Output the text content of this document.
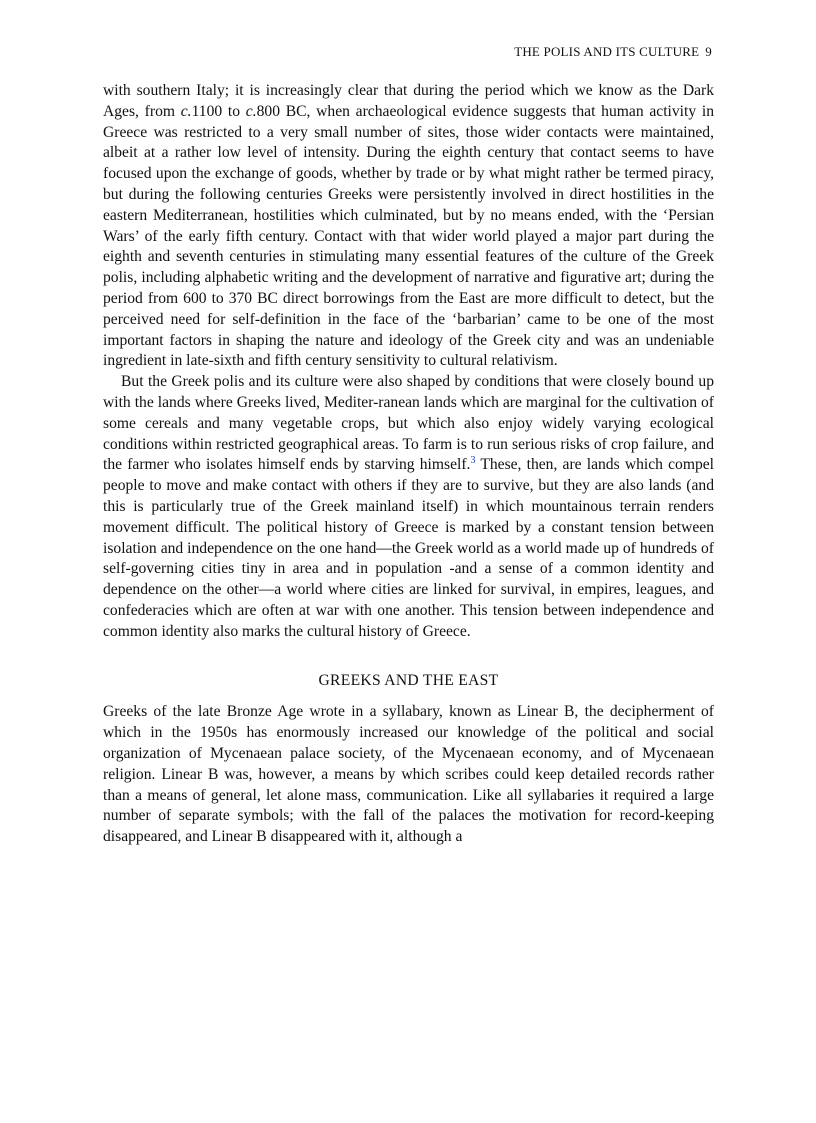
THE POLIS AND ITS CULTURE 9

with southern Italy; it is increasingly clear that during the period which we know as the Dark Ages, from c.1100 to c.800 BC, when archaeological evidence suggests that human activity in Greece was restricted to a very small number of sites, those wider contacts were maintained, albeit at a rather low level of intensity. During the eighth century that contact seems to have focused upon the exchange of goods, whether by trade or by what might rather be termed piracy, but during the following centuries Greeks were persistently involved in direct hostilities in the eastern Mediterranean, hostilities which culminated, but by no means ended, with the ‘Persian Wars’ of the early fifth century. Contact with that wider world played a major part during the eighth and seventh centuries in stimulating many essential features of the culture of the Greek polis, including alphabetic writing and the development of narrative and figurative art; during the period from 600 to 370 BC direct borrowings from the East are more difficult to detect, but the perceived need for self-definition in the face of the ‘barbarian’ came to be one of the most important factors in shaping the nature and ideology of the Greek city and was an undeniable ingredient in late-sixth and fifth century sensitivity to cultural relativism.

But the Greek polis and its culture were also shaped by conditions that were closely bound up with the lands where Greeks lived, Mediter-ranean lands which are marginal for the cultivation of some cereals and many vegetable crops, but which also enjoy widely varying ecological conditions within restricted geographical areas. To farm is to run serious risks of crop failure, and the farmer who isolates himself ends by starving himself.$^3$ These, then, are lands which compel people to move and make contact with others if they are to survive, but they are also lands (and this is particularly true of the Greek mainland itself) in which mountainous terrain renders movement difficult. The political history of Greece is marked by a constant tension between isolation and independence on the one hand—the Greek world as a world made up of hundreds of self-governing cities tiny in area and in population -and a sense of a common identity and dependence on the other—a world where cities are linked for survival, in empires, leagues, and confederacies which are often at war with one another. This tension between independence and common identity also marks the cultural history of Greece.

GREEKS AND THE EAST

Greeks of the late Bronze Age wrote in a syllabary, known as Linear B, the decipherment of which in the 1950s has enormously increased our knowledge of the political and social organization of Mycenaean palace society, of the Mycenaean economy, and of Mycenaean religion. Linear B was, however, a means by which scribes could keep detailed records rather than a means of general, let alone mass, communication. Like all syllabaries it required a large number of separate symbols; with the fall of the palaces the motivation for record-keeping disappeared, and Linear B disappeared with it, although a
